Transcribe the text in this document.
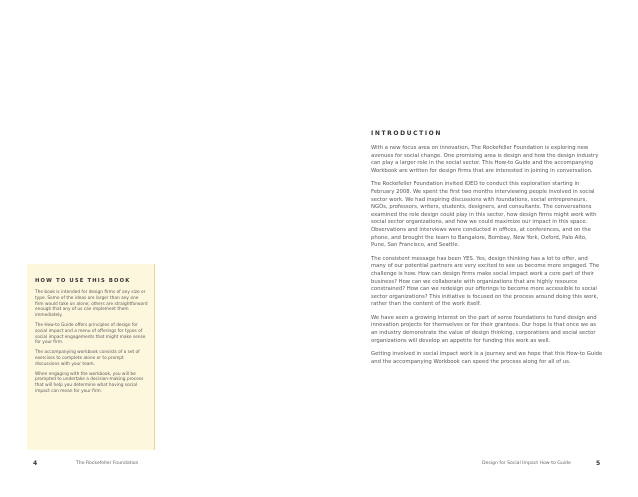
HOW TO USE THIS BOOK

The book is intended for design firms of any size or type. Some of the ideas are larger than any one firm would take on alone; others are straightforward enough that any of us can implement them immediately.

The How-to Guide offers principles of design for social impact and a menu of offerings for types of social impact engagements that might make sense for your firm.

The accompanying workbook consists of a set of exercises to complete alone or to prompt discussions with your team.

When engaging with the workbook, you will be prompted to undertake a decision-making process that will help you determine what having social impact can mean for your firm.

4	The Rockefeller Foundation
INTRODUCTION

With a new focus area on innovation, The Rockefeller Foundation is exploring new avenues for social change. One promising area is design and how the design industry can play a larger role in the social sector. This How-to Guide and the accompanying Workbook are written for design firms that are interested in joining in conversation.

The Rockefeller Foundation invited IDEO to conduct this exploration starting in February 2008. We spent the first two months interviewing people involved in social sector work. We had inspiring discussions with foundations, social entrepreneurs, NGOs, professors, writers, students, designers, and consultants. The conversations examined the role design could play in this sector, how design firms might work with social sector organizations, and how we could maximize our impact in this space. Observations and interviews were conducted in offices, at conferences, and on the phone, and brought the team to Bangalore, Bombay, New York, Oxford, Palo Alto, Pune, San Francisco, and Seattle.

The consistent message has been YES. Yes, design thinking has a lot to offer, and many of our potential partners are very excited to see us become more engaged. The challenge is how. How can design firms make social impact work a core part of their business? How can we collaborate with organizations that are highly resource constrained? How can we redesign our offerings to become more accessible to social sector organizations? This initiative is focused on the process around doing this work, rather than the content of the work itself.

We have seen a growing interest on the part of some foundations to fund design and innovation projects for themselves or for their grantees. Our hope is that once we as an industry demonstrate the value of design thinking, corporations and social sector organizations will develop an appetite for funding this work as well.

Getting involved in social impact work is a journey and we hope that this How-to Guide and the accompanying Workbook can speed the process along for all of us.

Design for Social Impact How-to Guide	5
